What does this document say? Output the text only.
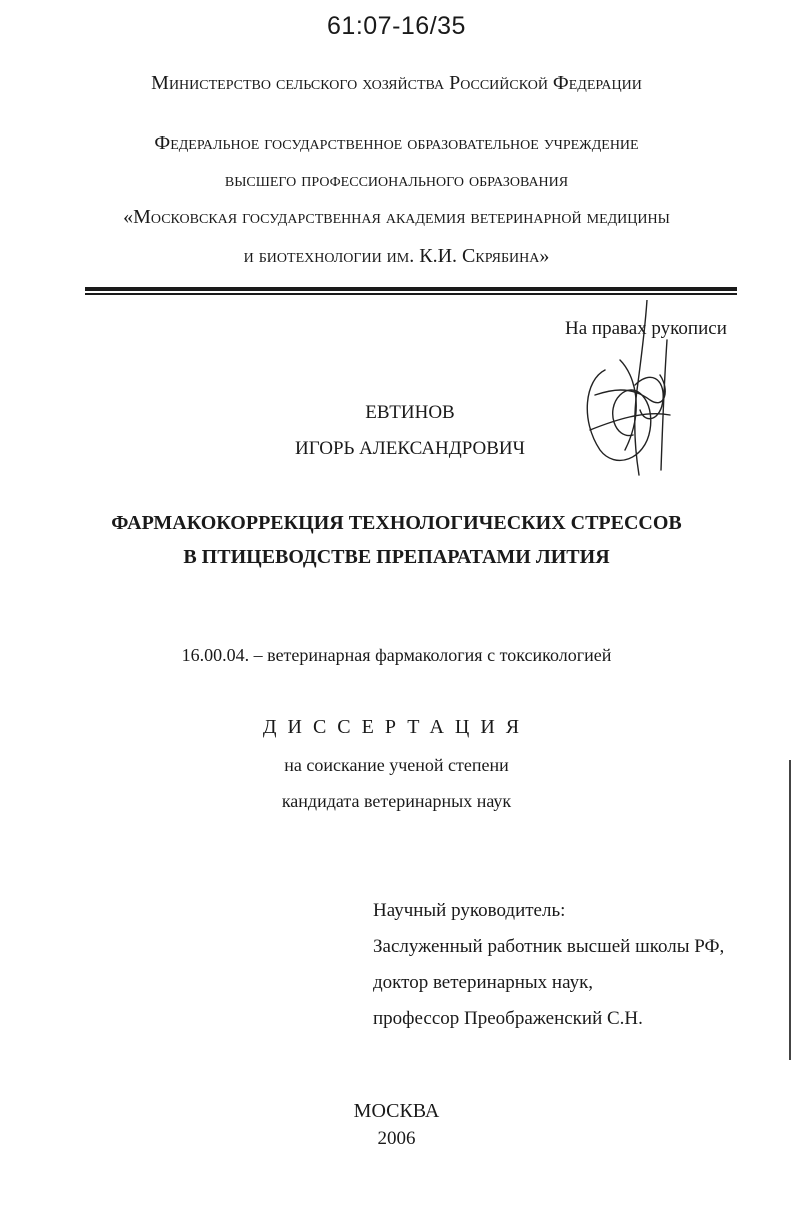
61:07-16/35
Министерство сельского хозяйства Российской Федерации
Федеральное государственное образовательное учреждение
высшего профессионального образования
«Московская государственная академия ветеринарной медицины
и биотехнологии им. К.И. Скрябина»
На правах рукописи
ЕВТИНОВ
ИГОРЬ АЛЕКСАНДРОВИЧ
ФАРМАКОКОРРЕКЦИЯ ТЕХНОЛОГИЧЕСКИХ СТРЕССОВ
В ПТИЦЕВОДСТВЕ ПРЕПАРАТАМИ ЛИТИЯ
16.00.04. – ветеринарная фармакология с токсикологией
ДИССЕРТАЦИЯ
на соискание ученой степени
кандидата ветеринарных наук
Научный руководитель:
Заслуженный работник высшей школы РФ,
доктор ветеринарных наук,
профессор Преображенский С.Н.
МОСКВА
2006
